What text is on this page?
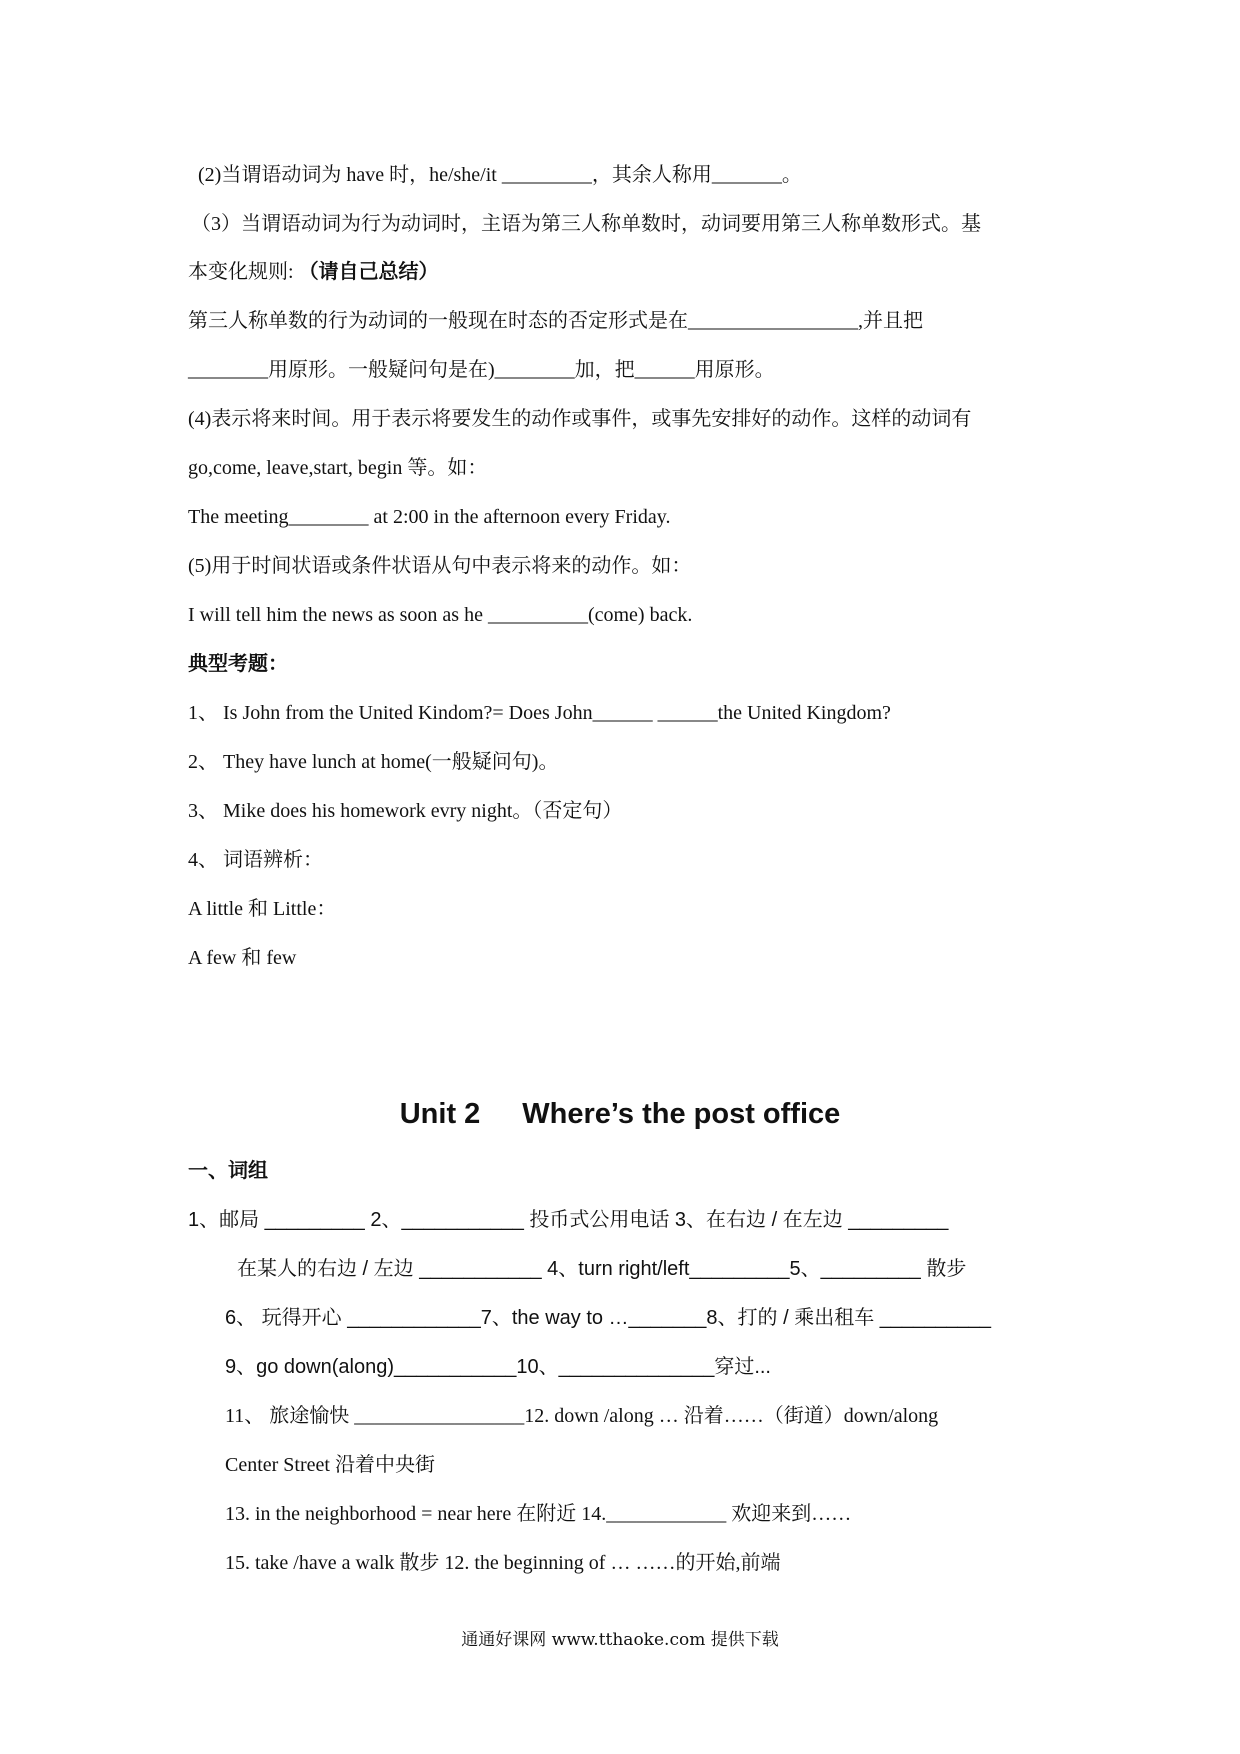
(2)当谓语动词为 have 时，he/she/it _________，其余人称用_______。
（3）当谓语动词为行为动词时，主语为第三人称单数时，动词要用第三人称单数形式。基
本变化规则: （请自己总结）
第三人称单数的行为动词的一般现在时态的否定形式是在_________________,并且把
________用原形。一般疑问句是在)________加，把______用原形。
(4)表示将来时间。用于表示将要发生的动作或事件，或事先安排好的动作。这样的动词有
go,come, leave,start, begin 等。如：
The meeting________ at 2:00 in the afternoon every Friday.
(5)用于时间状语或条件状语从句中表示将来的动作。如：
I will tell him the news as soon as he __________(come) back.
典型考题：
1、 Is John from the United Kindom?= Does John______ ______the United Kingdom?
2、 They have lunch at home(一般疑问句)。
3、 Mike does his homework evry night。（否定句）
4、 词语辨析：
A little 和 Little：
A few 和 few
Unit 2 Where’s the post office
一、词组
1、邮局 _________ 2、___________ 投币式公用电话 3、在右边 / 在左边 _________
在某人的右边 / 左边 ___________ 4、turn right/left_________5、_________ 散步
6、 玩得开心 ____________7、the way to …_______8、打的 / 乘出租车 __________
9、go down(along)___________10、______________穿过...
11、 旅途愉快 _________________12. down /along … 沿着……（街道）down/along
Center Street 沿着中央街
13. in the neighborhood = near here 在附近 14.____________ 欢迎来到……
15. take /have a walk 散步 12. the beginning of … ……的开始,前端
通通好课网 www.tthaoke.com 提供下载
